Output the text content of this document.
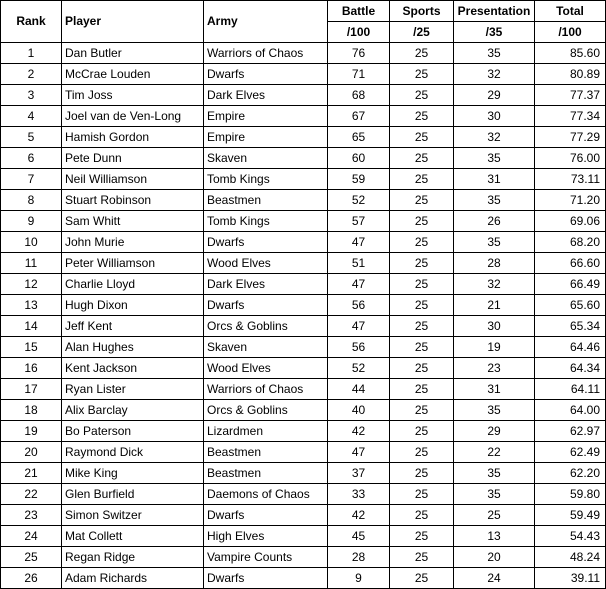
Rank	Player	Army	Battle	Sports	Presentation	Total
			/100	/25	/35	/100
1	Dan Butler	Warriors of Chaos	76	25	35	85.60
2	McCrae Louden	Dwarfs	71	25	32	80.89
3	Tim Joss	Dark Elves	68	25	29	77.37
4	Joel van de Ven-Long	Empire	67	25	30	77.34
5	Hamish Gordon	Empire	65	25	32	77.29
6	Pete Dunn	Skaven	60	25	35	76.00
7	Neil Williamson	Tomb Kings	59	25	31	73.11
8	Stuart Robinson	Beastmen	52	25	35	71.20
9	Sam Whitt	Tomb Kings	57	25	26	69.06
10	John Murie	Dwarfs	47	25	35	68.20
11	Peter Williamson	Wood Elves	51	25	28	66.60
12	Charlie Lloyd	Dark Elves	47	25	32	66.49
13	Hugh Dixon	Dwarfs	56	25	21	65.60
14	Jeff Kent	Orcs & Goblins	47	25	30	65.34
15	Alan Hughes	Skaven	56	25	19	64.46
16	Kent Jackson	Wood Elves	52	25	23	64.34
17	Ryan Lister	Warriors of Chaos	44	25	31	64.11
18	Alix Barclay	Orcs & Goblins	40	25	35	64.00
19	Bo Paterson	Lizardmen	42	25	29	62.97
20	Raymond Dick	Beastmen	47	25	22	62.49
21	Mike King	Beastmen	37	25	35	62.20
22	Glen Burfield	Daemons of Chaos	33	25	35	59.80
23	Simon Switzer	Dwarfs	42	25	25	59.49
24	Mat Collett	High Elves	45	25	13	54.43
25	Regan Ridge	Vampire Counts	28	25	20	48.24
26	Adam Richards	Dwarfs	9	25	24	39.11
